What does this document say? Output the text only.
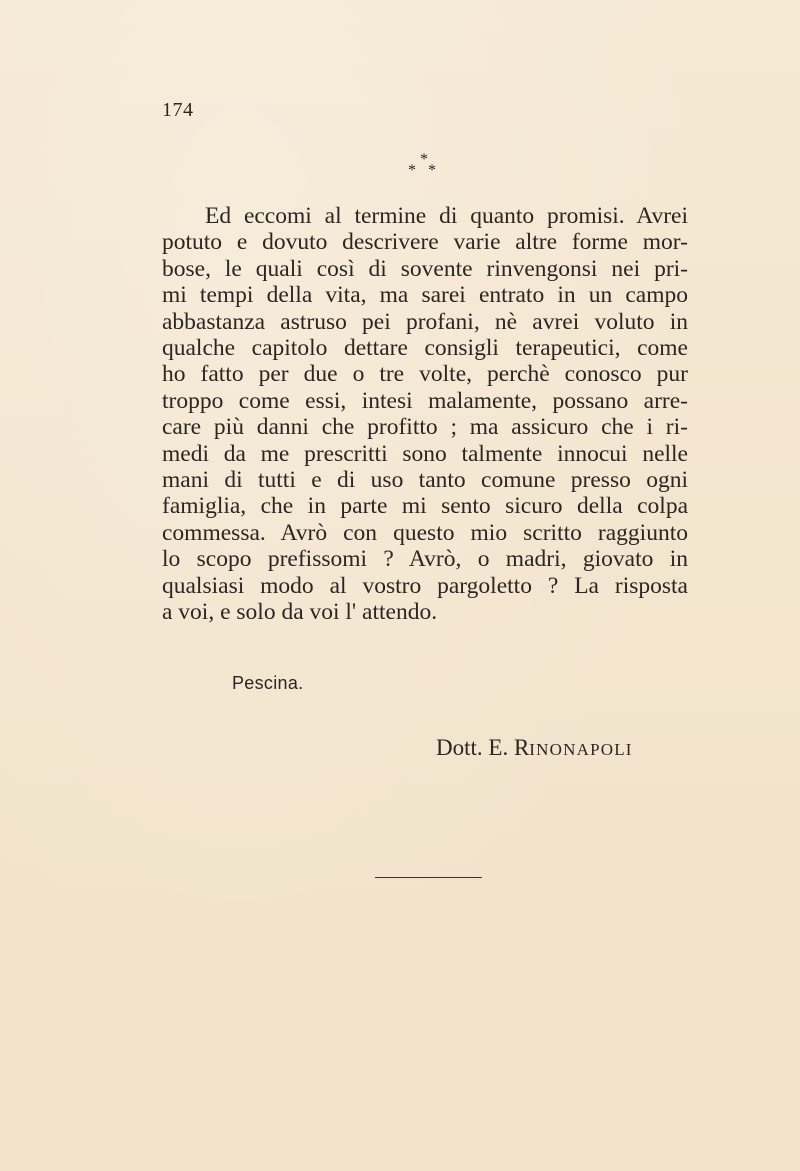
174
*
* *
Ed eccomi al termine di quanto promisi. Avrei
potuto e dovuto descrivere varie altre forme mor-
bose, le quali così di sovente rinvengonsi nei pri-
mi tempi della vita, ma sarei entrato in un campo
abbastanza astruso pei profani, nè avrei voluto in
qualche capitolo dettare consigli terapeutici, come
ho fatto per due o tre volte, perchè conosco pur
troppo come essi, intesi malamente, possano arre-
care più danni che profitto ; ma assicuro che i ri-
medi da me prescritti sono talmente innocui nelle
mani di tutti e di uso tanto comune presso ogni
famiglia, che in parte mi sento sicuro della colpa
commessa. Avrò con questo mio scritto raggiunto
lo scopo prefissomi ? Avrò, o madri, giovato in
qualsiasi modo al vostro pargoletto ? La risposta
a voi, e solo da voi l' attendo.
Pescina.
Dott. E. RINONAPOLI
